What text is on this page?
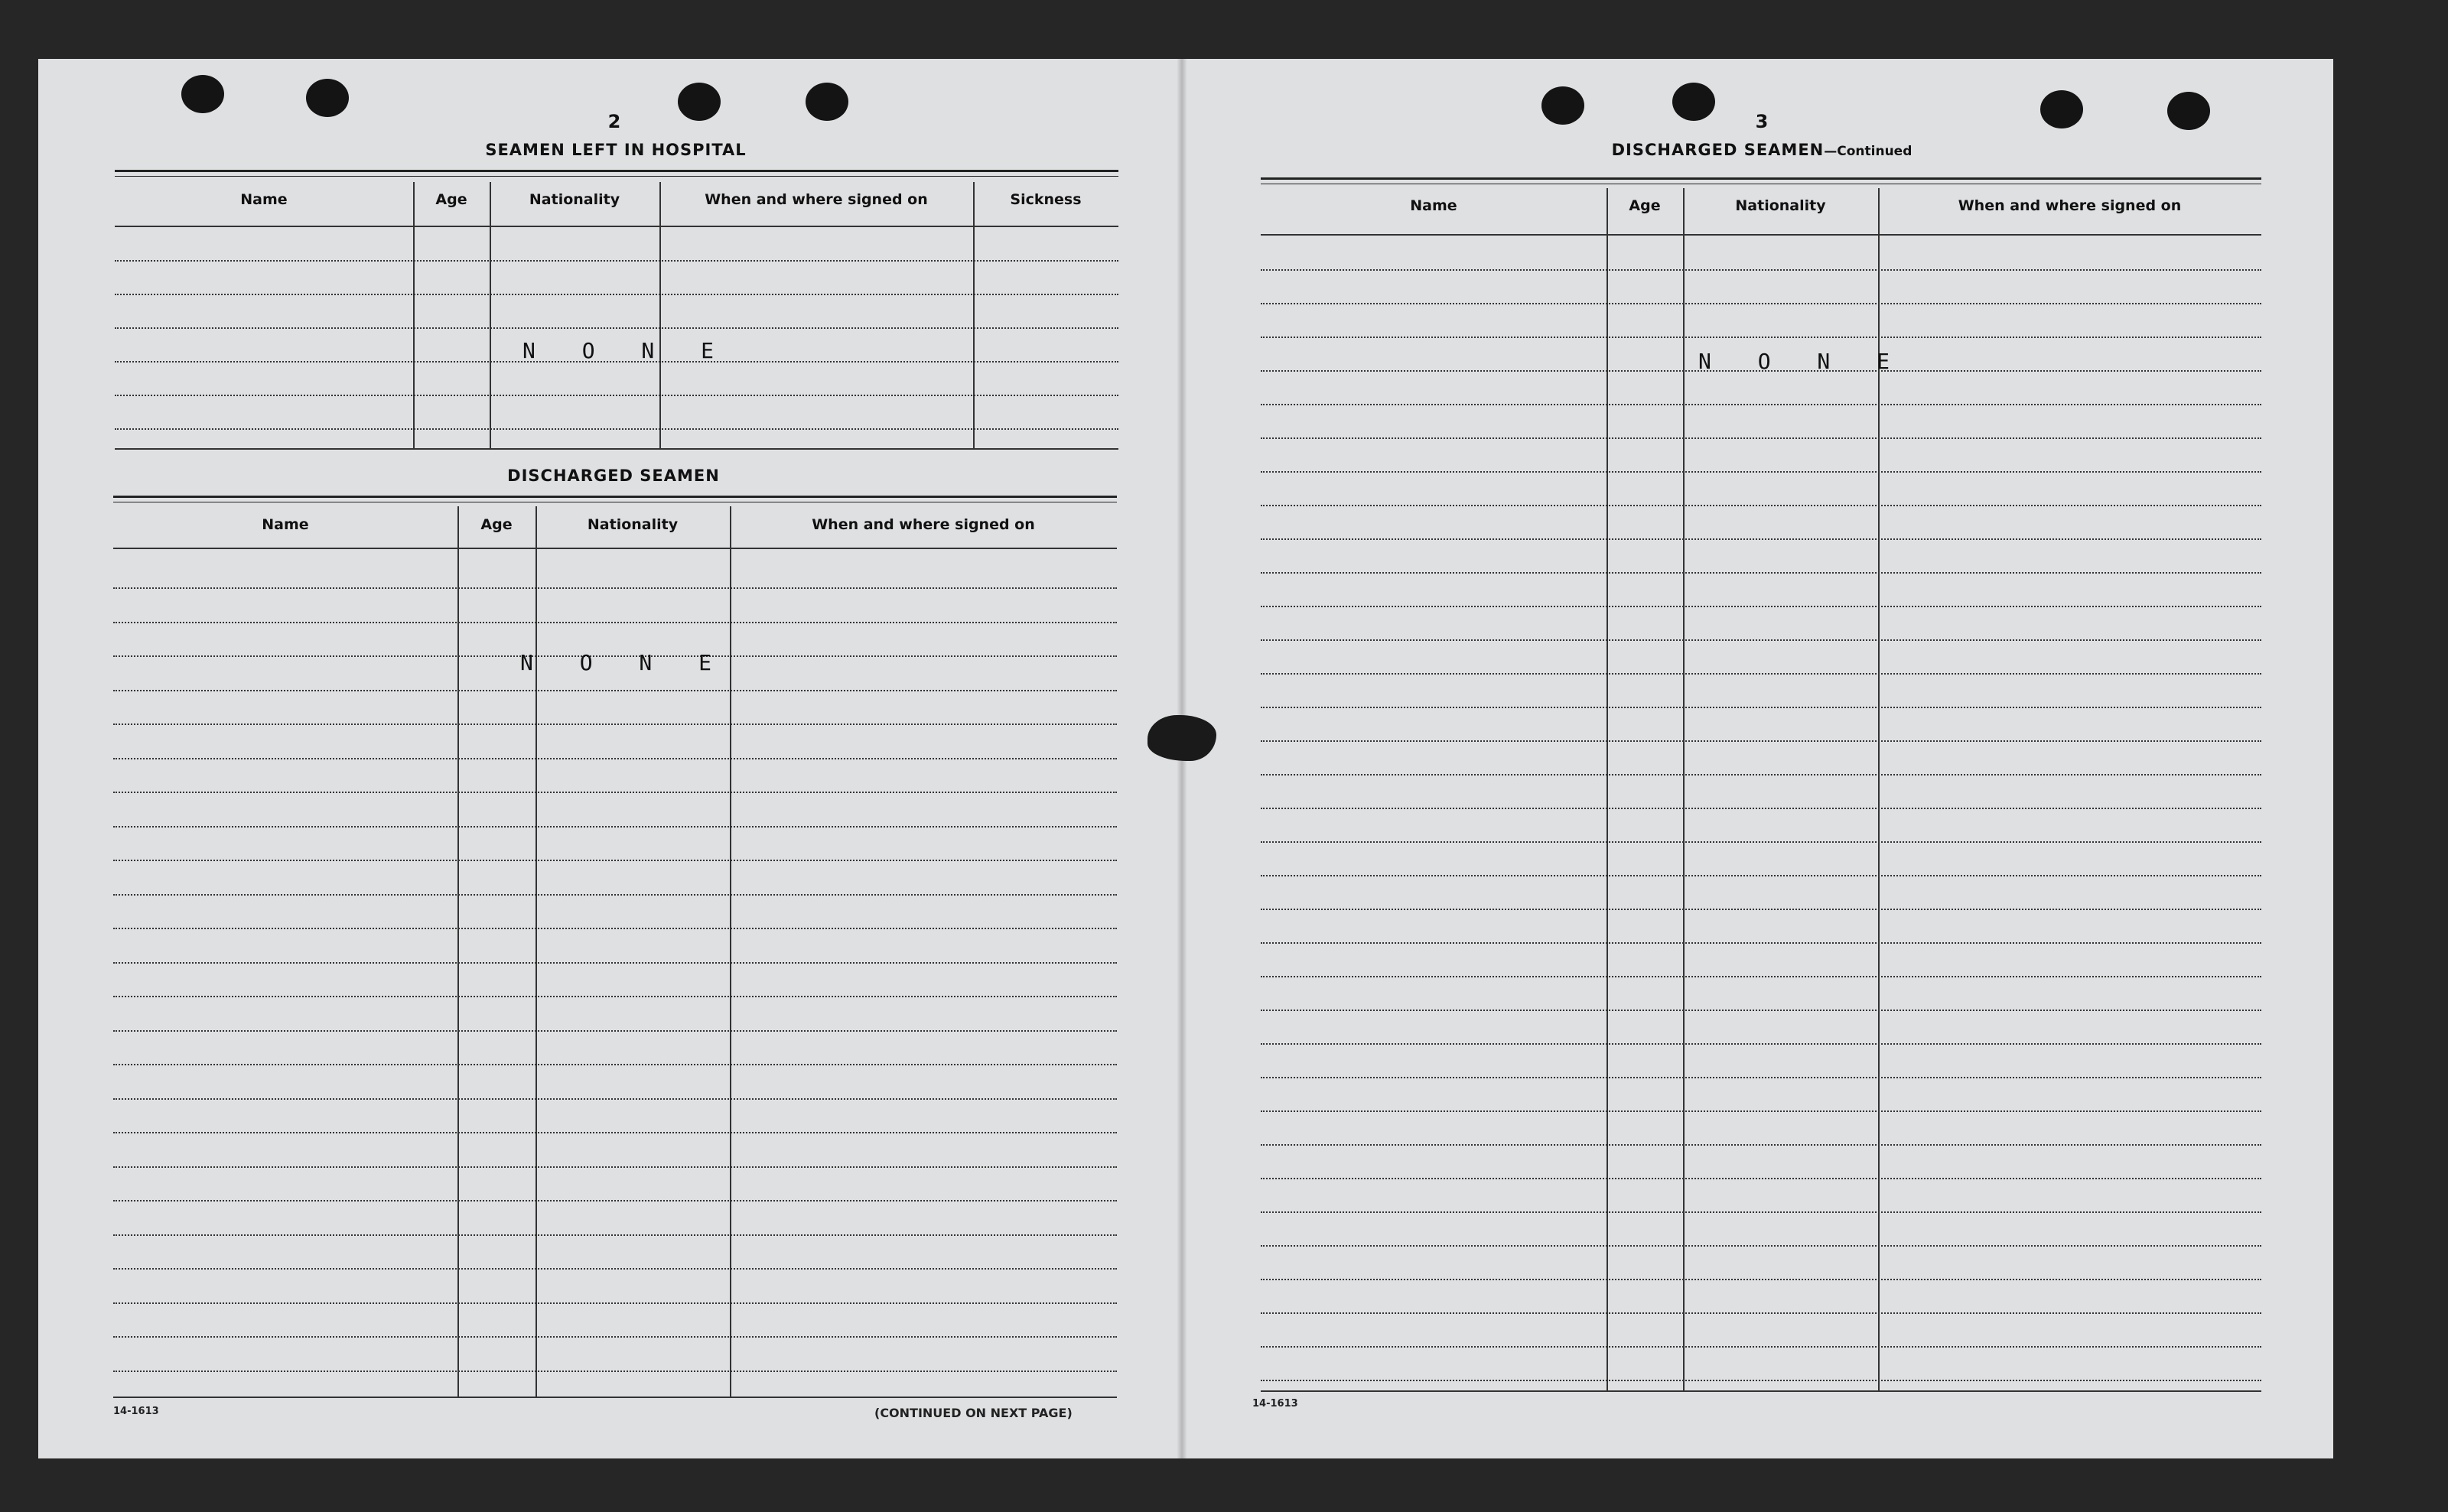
2
SEAMEN LEFT IN HOSPITAL
Name	Age	Nationality	When and where signed on	Sickness
N O N E
DISCHARGED SEAMEN
Name	Age	Nationality	When and where signed on
N O N E
14-1613	(CONTINUED ON NEXT PAGE)
3
DISCHARGED SEAMEN—Continued
Name	Age	Nationality	When and where signed on
N O N E
14-1613
